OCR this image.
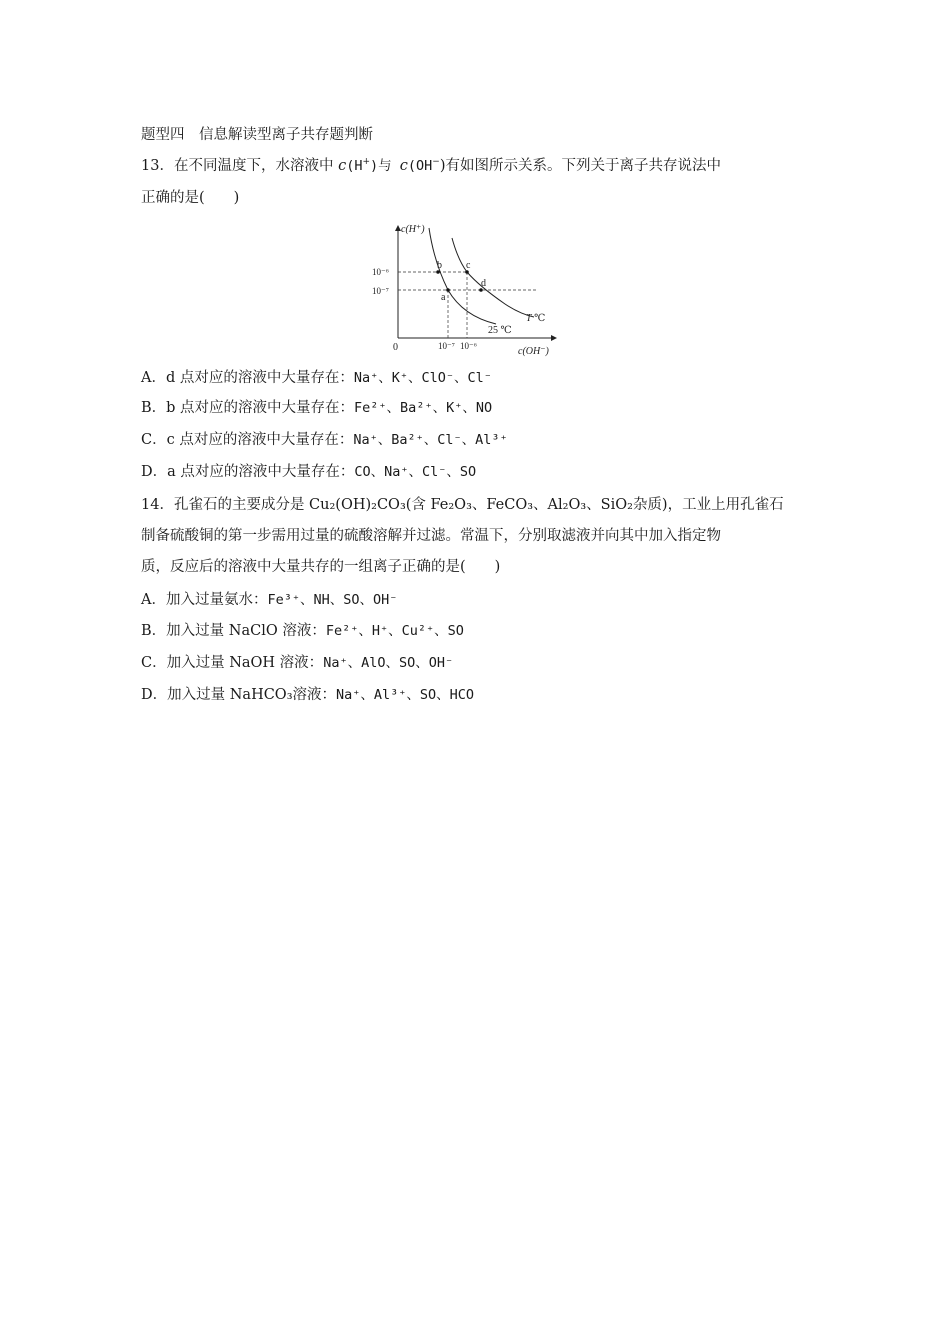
题型四　信息解读型离子共存题判断
13．在不同温度下，水溶液中 c(H+)与 c(OH−)有如图所示关系。下列关于离子共存说法中
正确的是(　　)
c(H⁺)
c(OH⁻)
0
10⁻⁶
10⁻⁷
10⁻⁷ 10⁻⁶
a
b c
d
25 ℃
T ℃
A．d 点对应的溶液中大量存在：Na⁺、K⁺、ClO⁻、Cl⁻
B．b 点对应的溶液中大量存在：Fe²⁺、Ba²⁺、K⁺、NO
C．c 点对应的溶液中大量存在：Na⁺、Ba²⁺、Cl⁻、Al³⁺
D．a 点对应的溶液中大量存在：CO、Na⁺、Cl⁻、SO
14．孔雀石的主要成分是 Cu₂(OH)₂CO₃(含 Fe₂O₃、FeCO₃、Al₂O₃、SiO₂杂质)，工业上用孔雀石
制备硫酸铜的第一步需用过量的硫酸溶解并过滤。常温下，分别取滤液并向其中加入指定物
质，反应后的溶液中大量共存的一组离子正确的是(　　)
A．加入过量氨水：Fe³⁺、NH、SO、OH⁻
B．加入过量 NaClO 溶液：Fe²⁺、H⁺、Cu²⁺、SO
C．加入过量 NaOH 溶液：Na⁺、AlO、SO、OH⁻
D．加入过量 NaHCO₃溶液：Na⁺、Al³⁺、SO、HCO
